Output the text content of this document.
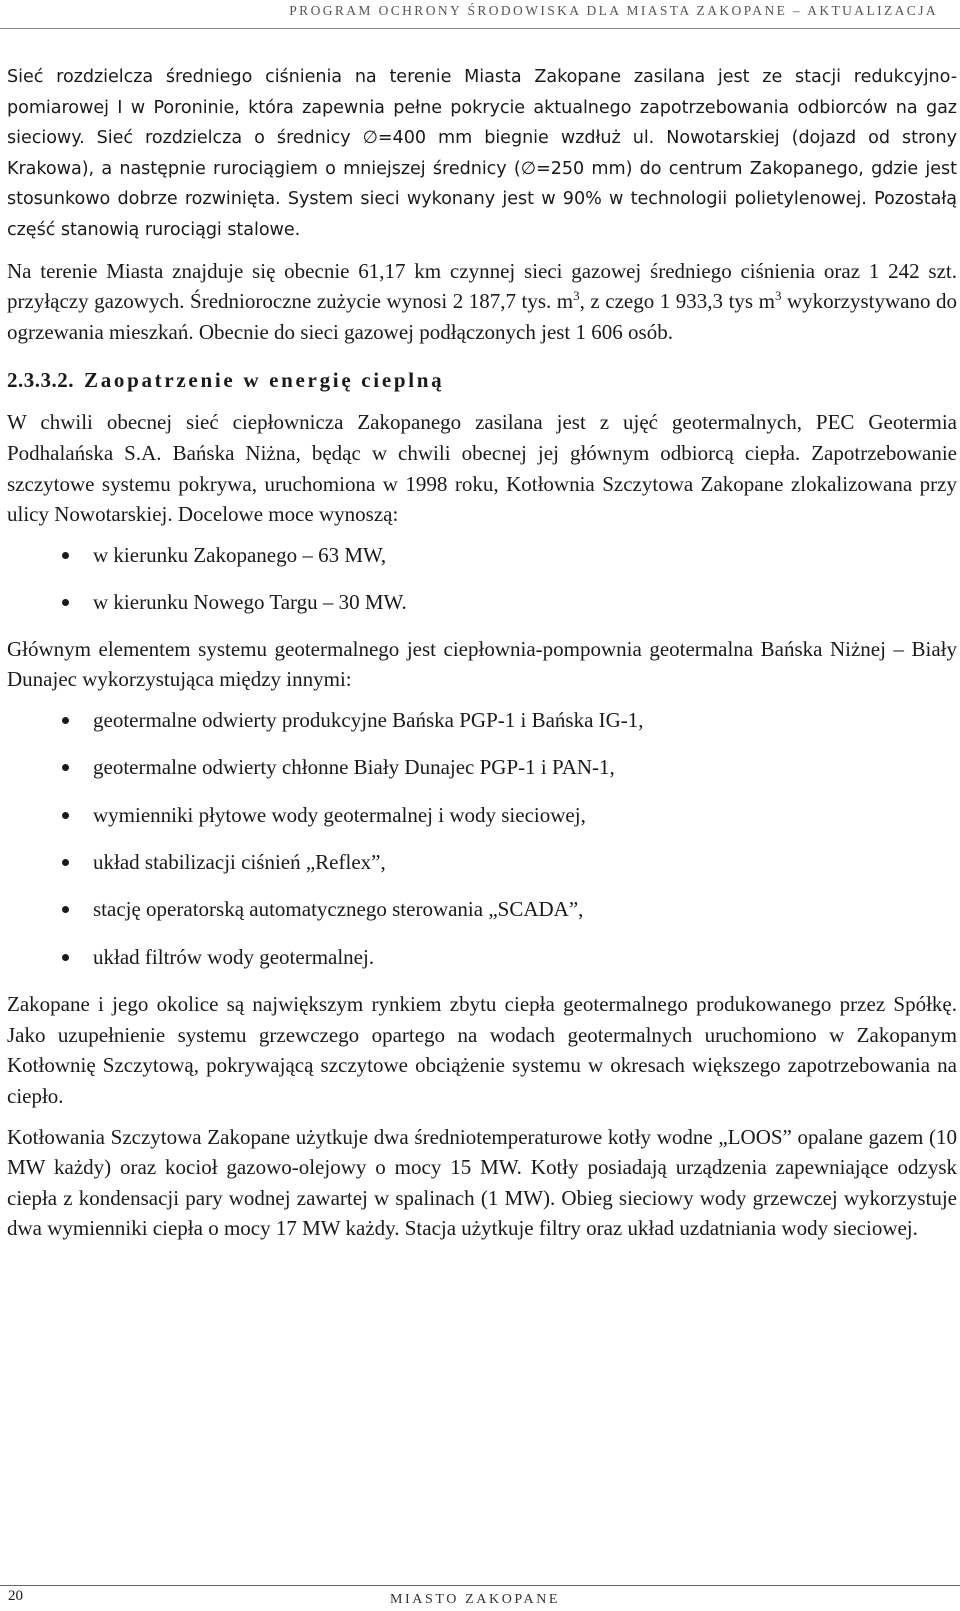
PROGRAM OCHRONY ŚRODOWISKA DLA MIASTA ZAKOPANE – AKTUALIZACJA

Sieć rozdzielcza średniego ciśnienia na terenie Miasta Zakopane zasilana jest ze stacji redukcyjno-pomiarowej I w Poroninie, która zapewnia pełne pokrycie aktualnego zapotrzebowania odbiorców na gaz sieciowy. Sieć rozdzielcza o średnicy ∅=400 mm biegnie wzdłuż ul. Nowotarskiej (dojazd od strony Krakowa), a następnie rurociągiem o mniejszej średnicy (∅=250 mm) do centrum Zakopanego, gdzie jest stosunkowo dobrze rozwinięta. System sieci wykonany jest w 90% w technologii polietylenowej. Pozostałą część stanowią rurociągi stalowe.

Na terenie Miasta znajduje się obecnie 61,17 km czynnej sieci gazowej średniego ciśnienia oraz 1 242 szt. przyłączy gazowych. Średnioroczne zużycie wynosi 2 187,7 tys. $m^3$, z czego 1 933,3 tys $m^3$ wykorzystywano do ogrzewania mieszkań. Obecnie do sieci gazowej podłączonych jest 1 606 osób.

2.3.3.2. Zaopatrzenie w energię cieplną

W chwili obecnej sieć ciepłownicza Zakopanego zasilana jest z ujęć geotermalnych, PEC Geotermia Podhalańska S.A. Bańska Niżna, będąc w chwili obecnej jej głównym odbiorcą ciepła. Zapotrzebowanie szczytowe systemu pokrywa, uruchomiona w 1998 roku, Kotłownia Szczytowa Zakopane zlokalizowana przy ulicy Nowotarskiej. Docelowe moce wynoszą:

w kierunku Zakopanego – 63 MW,
w kierunku Nowego Targu – 30 MW.

Głównym elementem systemu geotermalnego jest ciepłownia-pompownia geotermalna Bańska Niżnej – Biały Dunajec wykorzystująca między innymi:

geotermalne odwierty produkcyjne Bańska PGP-1 i Bańska IG-1,
geotermalne odwierty chłonne Biały Dunajec PGP-1 i PAN-1,
wymienniki płytowe wody geotermalnej i wody sieciowej,
układ stabilizacji ciśnień „Reflex”,
stację operatorską automatycznego sterowania „SCADA”,
układ filtrów wody geotermalnej.

Zakopane i jego okolice są największym rynkiem zbytu ciepła geotermalnego produkowanego przez Spółkę. Jako uzupełnienie systemu grzewczego opartego na wodach geotermalnych uruchomiono w Zakopanym Kotłownię Szczytową, pokrywającą szczytowe obciążenie systemu w okresach większego zapotrzebowania na ciepło.

Kotłowania Szczytowa Zakopane użytkuje dwa średniotemperaturowe kotły wodne „LOOS” opalane gazem (10 MW każdy) oraz kocioł gazowo-olejowy o mocy 15 MW. Kotły posiadają urządzenia zapewniające odzysk ciepła z kondensacji pary wodnej zawartej w spalinach (1 MW). Obieg sieciowy wody grzewczej wykorzystuje dwa wymienniki ciepła o mocy 17 MW każdy. Stacja użytkuje filtry oraz układ uzdatniania wody sieciowej.

20	MIASTO ZAKOPANE
